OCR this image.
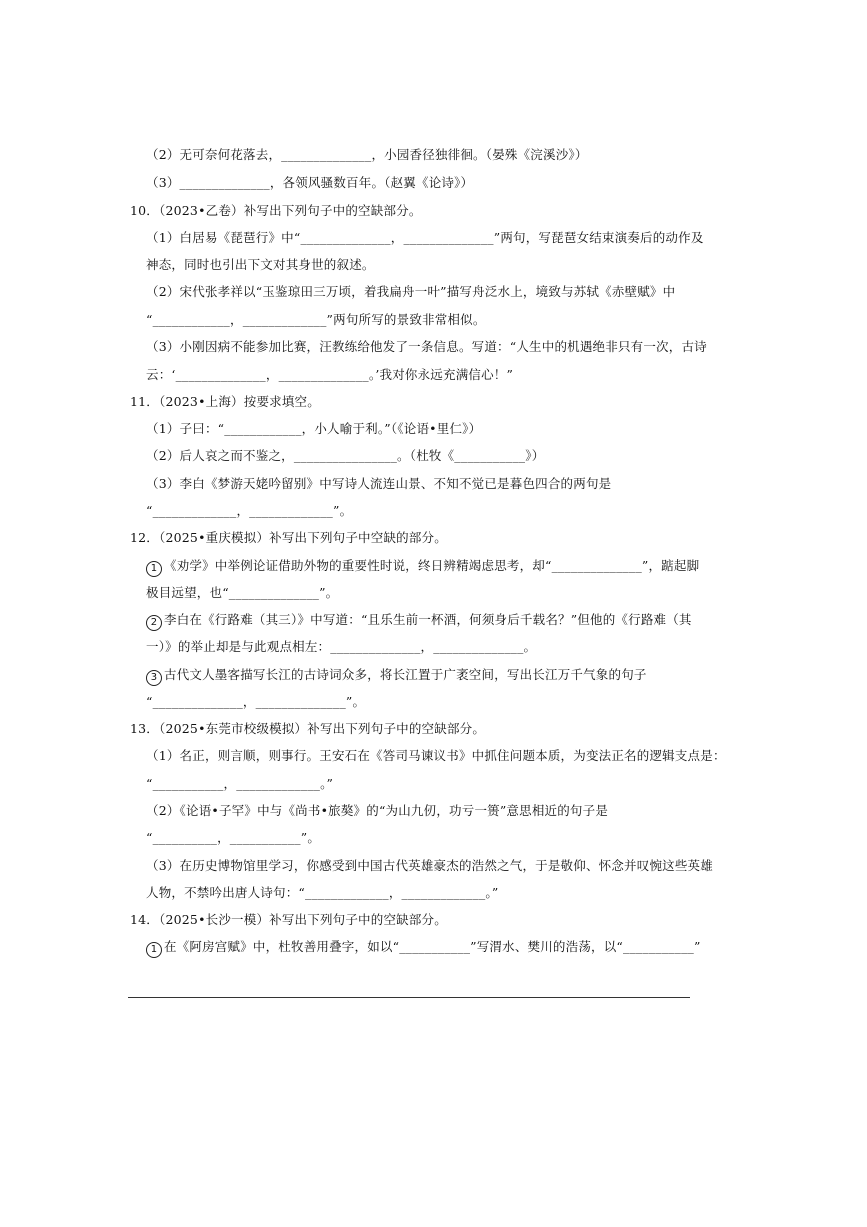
（2）无可奈何花落去，______________，小园香径独徘徊。（晏殊《浣溪沙》）
（3）______________，各领风骚数百年。（赵翼《论诗》）
10．（2023•乙卷）补写出下列句子中的空缺部分。
（1）白居易《琵琶行》中“______________，______________”两句，写琵琶女结束演奏后的动作及
神态，同时也引出下文对其身世的叙述。
（2）宋代张孝祥以“玉鉴琼田三万顷，着我扁舟一叶”描写舟泛水上，境致与苏轼《赤壁赋》中
“____________，_____________”两句所写的景致非常相似。
（3）小刚因病不能参加比赛，汪教练给他发了一条信息。写道：“人生中的机遇绝非只有一次，古诗
云：‘______________，______________。’我对你永远充满信心！”
11．（2023•上海）按要求填空。
（1）子曰：“____________，小人喻于利。”（《论语•里仁》）
（2）后人哀之而不鉴之，________________。（杜牧《___________》）
（3）李白《梦游天姥吟留别》中写诗人流连山景、不知不觉已是暮色四合的两句是
“_____________，_____________”。
12．（2025•重庆模拟）补写出下列句子中空缺的部分。
1 《劝学》中举例论证借助外物的重要性时说，终日辨精竭虑思考，却“______________”，踮起脚
极目远望，也“______________”。
2 李白在《行路难（其三）》中写道：“且乐生前一杯酒，何须身后千载名？”但他的《行路难（其
一）》的举止却是与此观点相左：______________，______________。
3 古代文人墨客描写长江的古诗词众多，将长江置于广袤空间，写出长江万千气象的句子
“______________，______________”。
13．（2025•东莞市校级模拟）补写出下列句子中的空缺部分。
（1）名正，则言顺，则事行。王安石在《答司马谏议书》中抓住问题本质，为变法正名的逻辑支点是：
“___________，_____________。”
（2）《论语•子罕》中与《尚书•旅獒》的“为山九仞，功亏一篑”意思相近的句子是
“__________，___________”。
（3）在历史博物馆里学习，你感受到中国古代英雄豪杰的浩然之气，于是敬仰、怀念并叹惋这些英雄
人物，不禁吟出唐人诗句：“_____________，_____________。”
14．（2025•长沙一模）补写出下列句子中的空缺部分。
1 在《阿房宫赋》中，杜牧善用叠字，如以“___________”写渭水、樊川的浩荡，以“___________”
